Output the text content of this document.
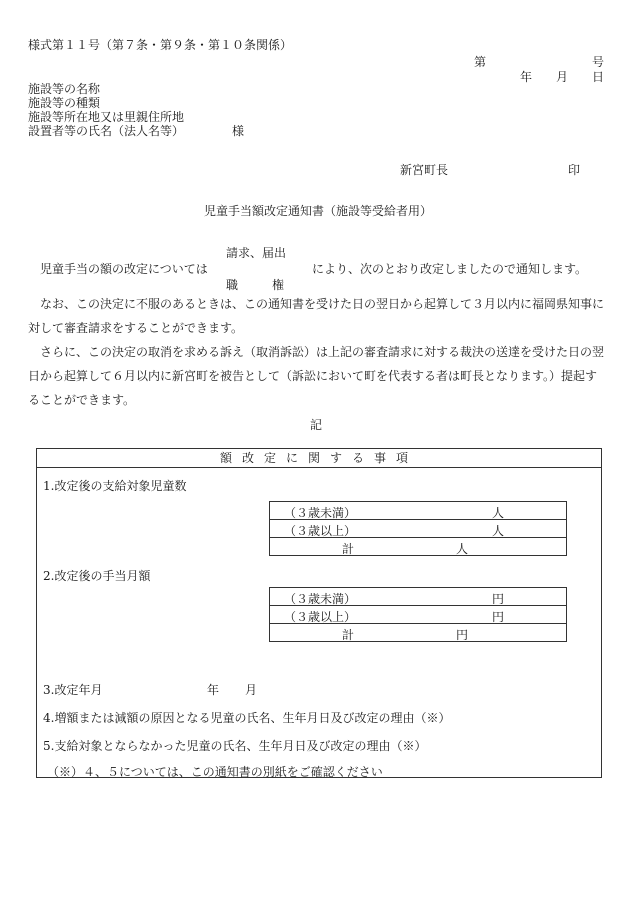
様式第１１号（第７条・第９条・第１０条関係）
第	号
年 月 日
施設等の名称
施設等の種類
施設等所在地又は里親住所地
設置者等の氏名（法人名等）	様
新宮町長	印
児童手当額改定通知書（施設等受給者用）
請求、届出
児童手当の額の改定については	により、次のとおり改定しましたので通知します。
職	権
なお、この決定に不服のあるときは、この通知書を受けた日の翌日から起算して３月以内に福岡県知事に対して審査請求をすることができます。
さらに、この決定の取消を求める訴え（取消訴訟）は上記の審査請求に対する裁決の送達を受けた日の翌日から起算して６月以内に新宮町を被告として（訴訟において町を代表する者は町長となります。）提起することができます。
記
額改定に関する事項
1.改定後の支給対象児童数
（３歳未満）	人

（３歳以上）	人

計	人
2.改定後の手当月額
（３歳未満）	円

（３歳以上）	円

計	円
3.改定年月	年 月
4.増額または減額の原因となる児童の氏名、生年月日及び改定の理由（※）
5.支給対象とならなかった児童の氏名、生年月日及び改定の理由（※）
（※）４、５については、この通知書の別紙をご確認ください
